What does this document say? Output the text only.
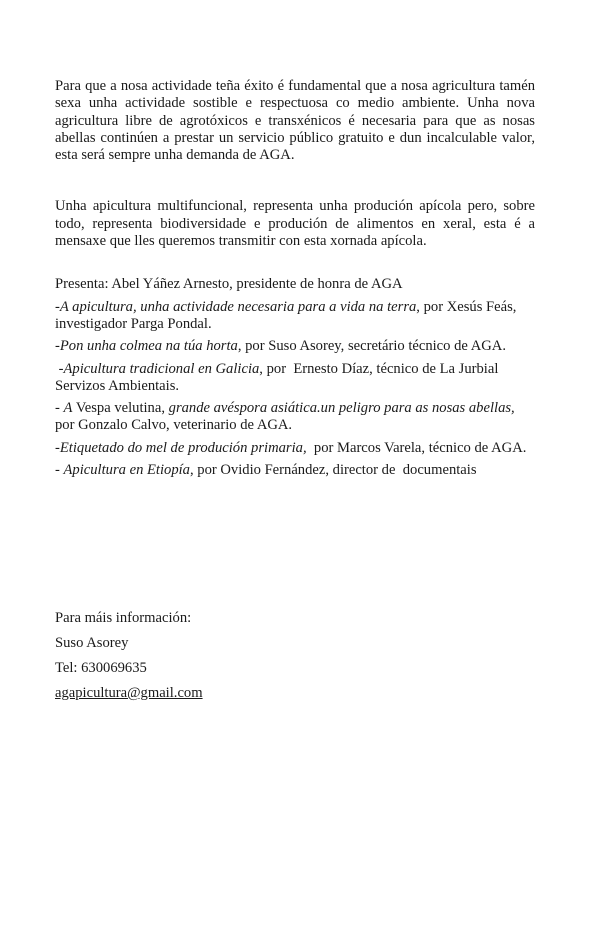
Para que a nosa actividade teña éxito é fundamental que a nosa agricultura tamén sexa unha actividade sostible e respectuosa co medio ambiente. Unha nova agricultura libre de agrotóxicos e transxénicos é necesaria para que as nosas abellas continúen a prestar un servicio público gratuito e dun incalculable valor, esta será sempre unha demanda de AGA.

Unha apicultura multifuncional, representa unha produción apícola pero, sobre todo, representa biodiversidade e produción de alimentos en xeral, esta é a mensaxe que lles queremos transmitir con esta xornada apícola.

Presenta: Abel Yáñez Arnesto, presidente de honra de AGA

-A apicultura, unha actividade necesaria para a vida na terra, por Xesús Feás, investigador Parga Pondal.

-Pon unha colmea na túa horta, por Suso Asorey, secretário técnico de AGA.

-Apicultura tradicional en Galicia, por  Ernesto Díaz, técnico de La Jurbial Servizos Ambientais.

- A Vespa velutina, grande avéspora asiática.un peligro para as nosas abellas, por Gonzalo Calvo, veterinario de AGA.

-Etiquetado do mel de produción primaria,  por Marcos Varela, técnico de AGA.

- Apicultura en Etiopía, por Ovidio Fernández, director de  documentais

Para máis información:
Suso Asorey
Tel: 630069635
agapicultura@gmail.com
